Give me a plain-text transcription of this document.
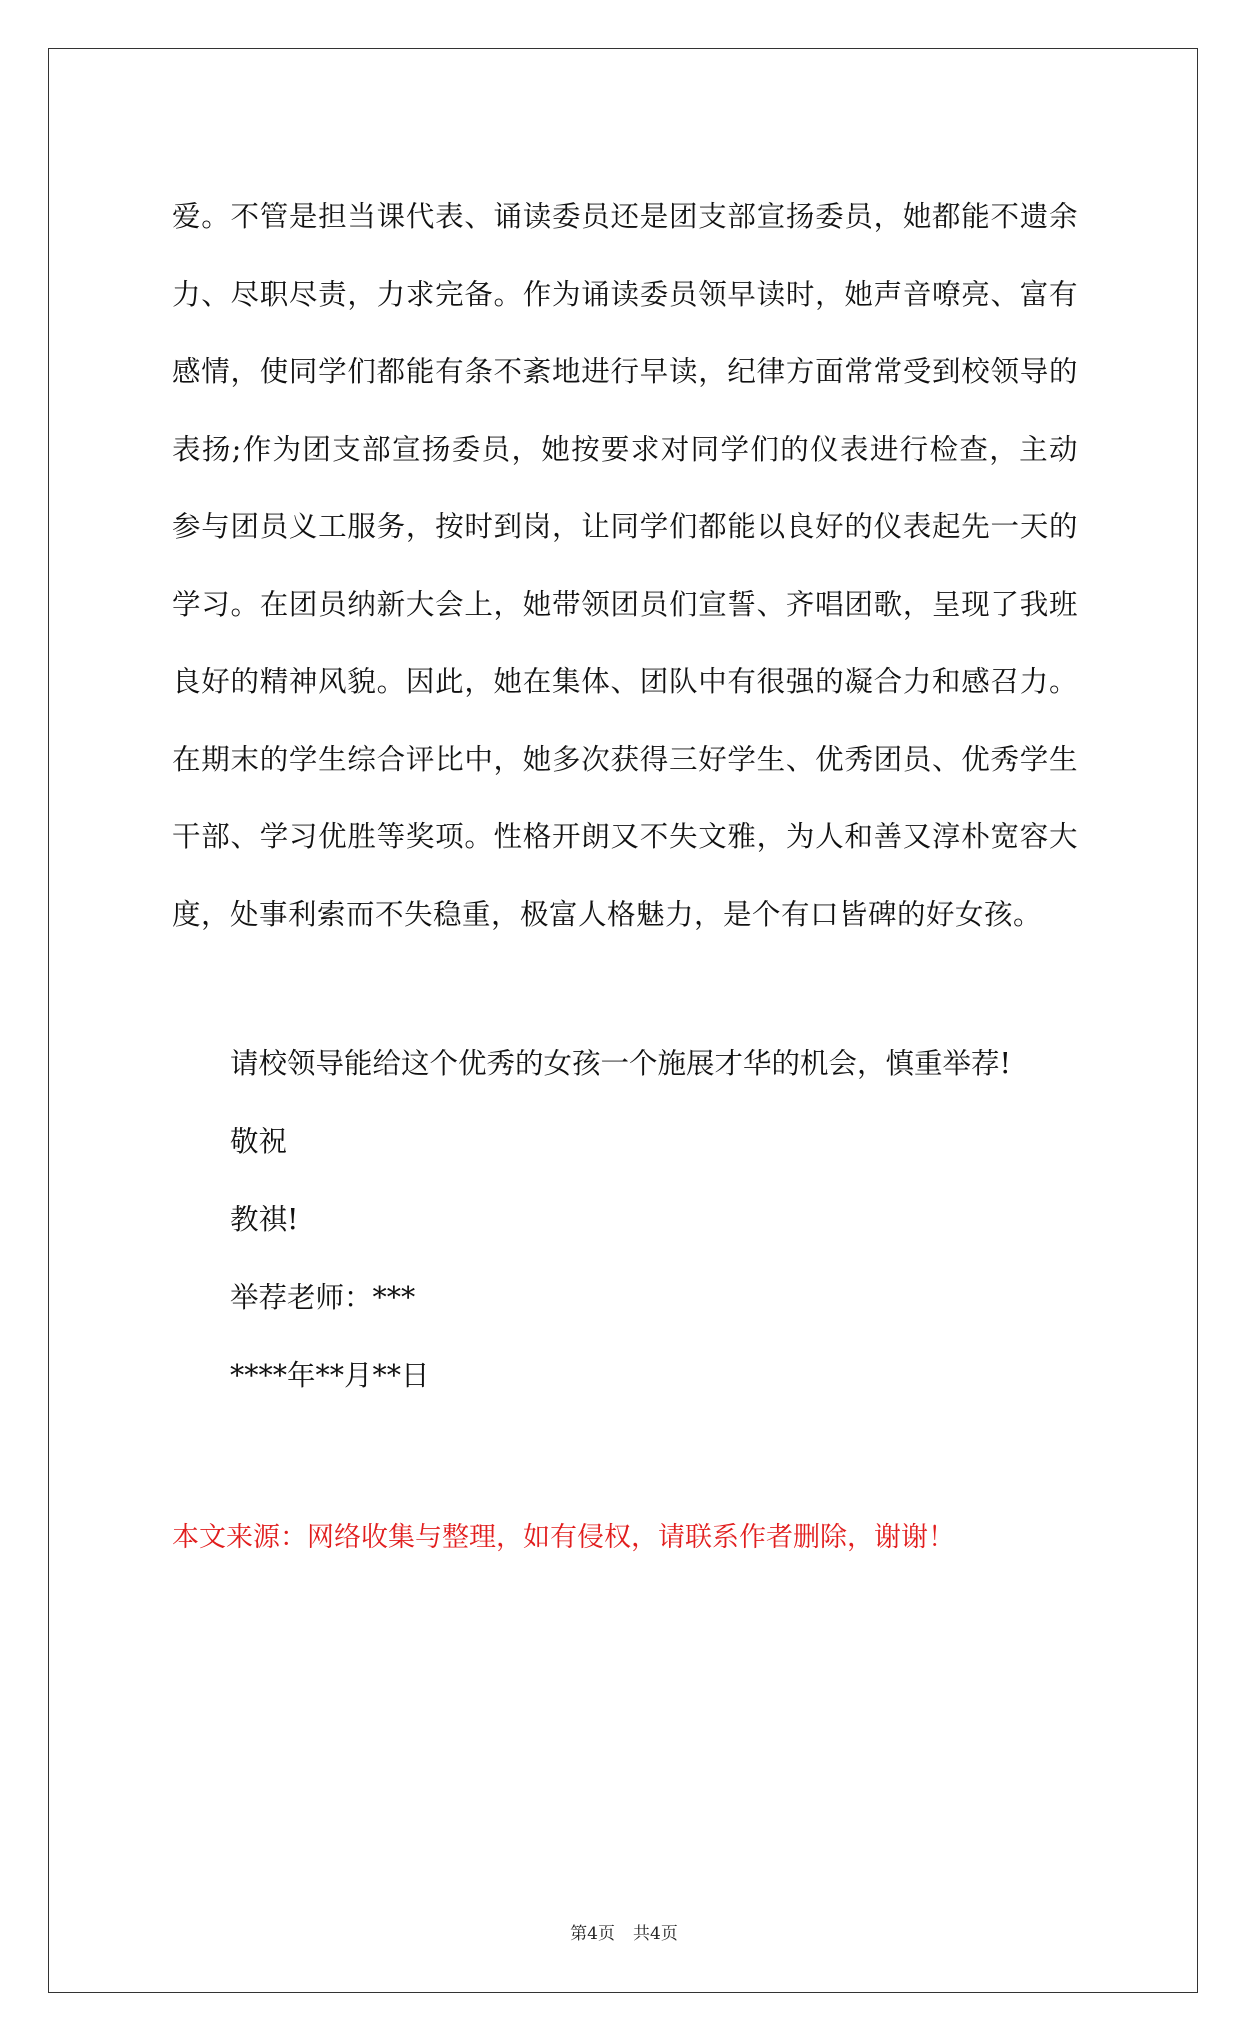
爱。不管是担当课代表、诵读委员还是团支部宣扬委员，她都能不遗余力、尽职尽责，力求完备。作为诵读委员领早读时，她声音嘹亮、富有感情，使同学们都能有条不紊地进行早读，纪律方面常常受到校领导的表扬;作为团支部宣扬委员，她按要求对同学们的仪表进行检查，主动参与团员义工服务，按时到岗，让同学们都能以良好的仪表起先一天的学习。在团员纳新大会上，她带领团员们宣誓、齐唱团歌，呈现了我班良好的精神风貌。因此，她在集体、团队中有很强的凝合力和感召力。在期末的学生综合评比中，她多次获得三好学生、优秀团员、优秀学生干部、学习优胜等奖项。性格开朗又不失文雅，为人和善又淳朴宽容大度，处事利索而不失稳重，极富人格魅力，是个有口皆碑的好女孩。

请校领导能给这个优秀的女孩一个施展才华的机会，慎重举荐!

敬祝

教祺!

举荐老师：***

****年**月**日

本文来源：网络收集与整理，如有侵权，请联系作者删除，谢谢！

第4页 共4页
